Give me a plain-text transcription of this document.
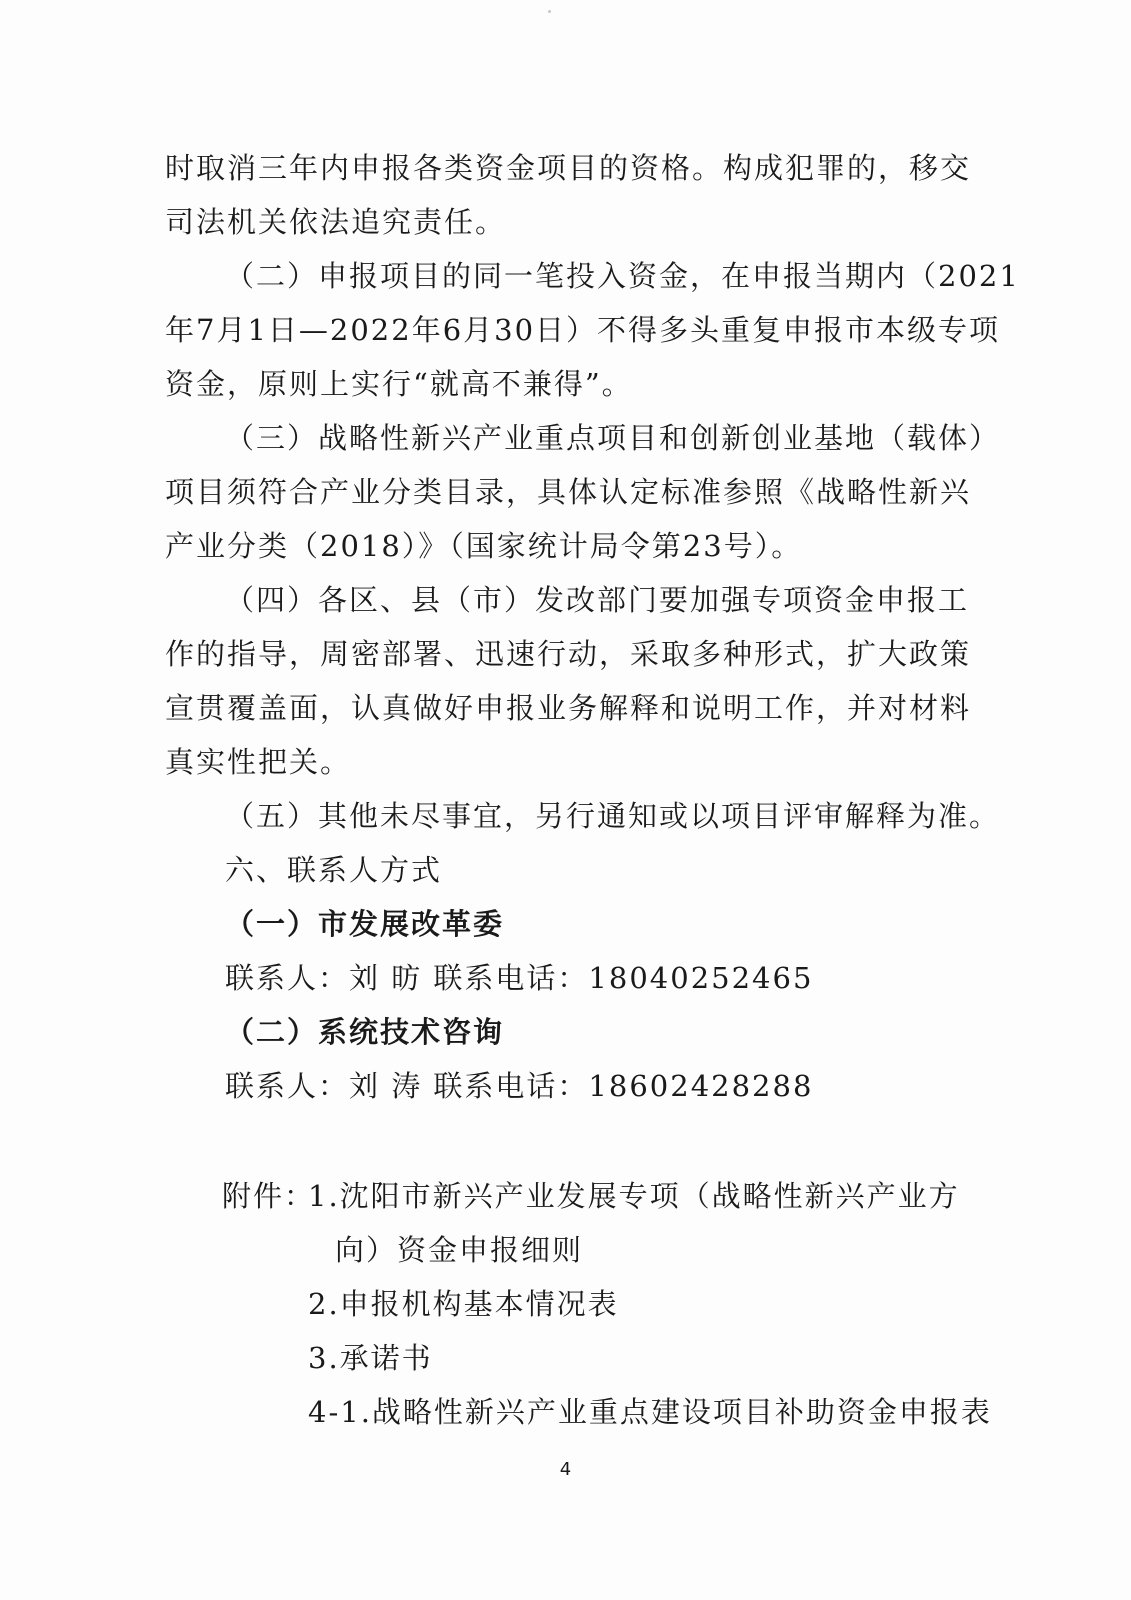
时取消三年内申报各类资金项目的资格。构成犯罪的，移交
司法机关依法追究责任。
（二）申报项目的同一笔投入资金，在申报当期内（2021
年7月1日—2022年6月30日）不得多头重复申报市本级专项
资金，原则上实行“就高不兼得”。
（三）战略性新兴产业重点项目和创新创业基地（载体）
项目须符合产业分类目录，具体认定标准参照《战略性新兴
产业分类（2018）》（国家统计局令第23号）。
（四）各区、县（市）发改部门要加强专项资金申报工
作的指导，周密部署、迅速行动，采取多种形式，扩大政策
宣贯覆盖面，认真做好申报业务解释和说明工作，并对材料
真实性把关。
（五）其他未尽事宜，另行通知或以项目评审解释为准。
六、联系人方式
（一）市发展改革委
联系人：刘 昉 联系电话：18040252465
（二）系统技术咨询
联系人：刘 涛 联系电话：18602428288
附件：
1.沈阳市新兴产业发展专项（战略性新兴产业方
向）资金申报细则
2.申报机构基本情况表
3.承诺书
4-1.战略性新兴产业重点建设项目补助资金申报表
4
